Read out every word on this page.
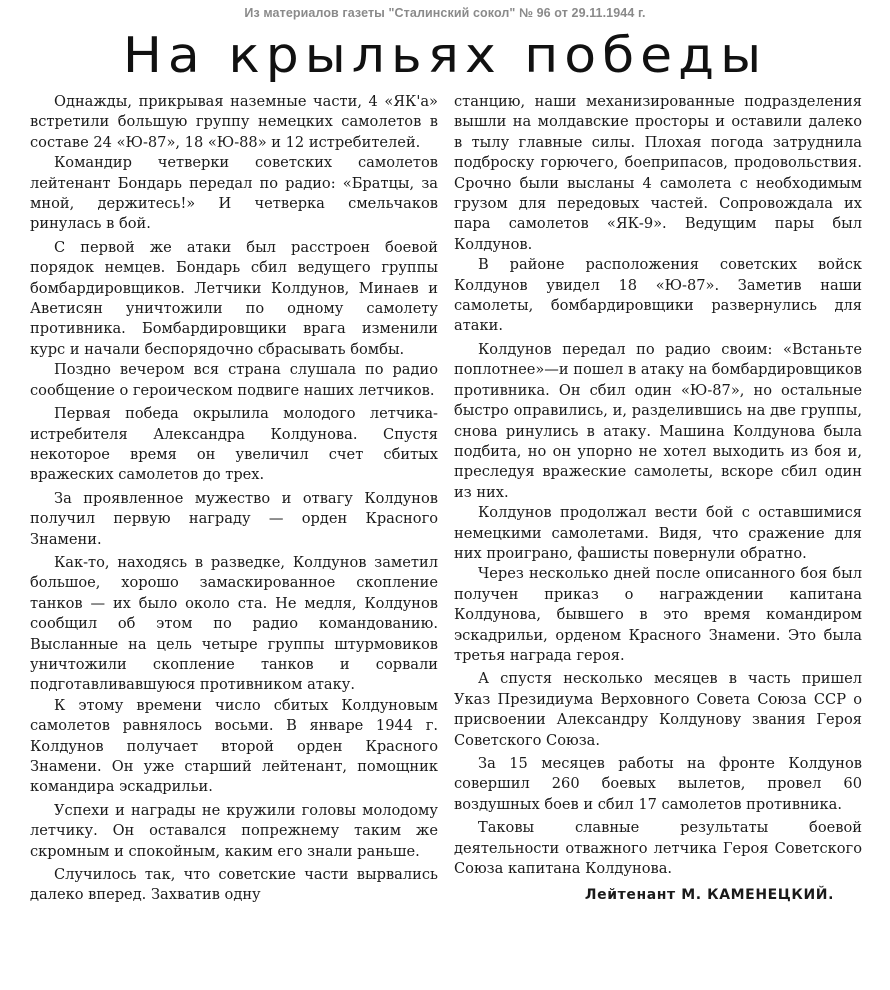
Из материалов газеты "Сталинский сокол" № 96 от 29.11.1944 г.
На крыльях победы

Однажды, прикрывая наземные части, 4 «ЯК'а» встретили большую группу немецких самолетов в составе 24 «Ю-87», 18 «Ю-88» и 12 истребителей.

Командир четверки советских самолетов лейтенант Бондарь передал по радио: «Братцы, за мной, держитесь!» И четверка смельчаков ринулась в бой.

С первой же атаки был расстроен боевой порядок немцев. Бондарь сбил ведущего группы бомбардировщиков. Летчики Колдунов, Минаев и Аветисян уничтожили по одному самолету противника. Бомбардировщики врага изменили курс и начали беспорядочно сбрасывать бомбы.

Поздно вечером вся страна слушала по радио сообщение о героическом подвиге наших летчиков.

Первая победа окрылила молодого летчика-истребителя Александра Колдунова. Спустя некоторое время он увеличил счет сбитых вражеских самолетов до трех.

За проявленное мужество и отвагу Колдунов получил первую награду — орден Красного Знамени.

Как-то, находясь в разведке, Колдунов заметил большое, хорошо замаскированное скопление танков — их было около ста. Не медля, Колдунов сообщил об этом по радио командованию. Высланные на цель четыре группы штурмовиков уничтожили скопление танков и сорвали подготавливавшуюся противником атаку.

К этому времени число сбитых Колдуновым самолетов равнялось восьми. В январе 1944 г. Колдунов получает второй орден Красного Знамени. Он уже старший лейтенант, помощник командира эскадрильи.

Успехи и награды не кружили головы молодому летчику. Он оставался попрежнему таким же скромным и спокойным, каким его знали раньше.

Случилось так, что советские части вырвались далеко вперед. Захватив одну

станцию, наши механизированные подразделения вышли на молдавские просторы и оставили далеко в тылу главные силы. Плохая погода затруднила подброску горючего, боеприпасов, продовольствия. Срочно были высланы 4 самолета с необходимым грузом для передовых частей. Сопровождала их пара самолетов «ЯК-9». Ведущим пары был Колдунов.

В районе расположения советских войск Колдунов увидел 18 «Ю-87». Заметив наши самолеты, бомбардировщики развернулись для атаки.

Колдунов передал по радио своим: «Встаньте поплотнее»—и пошел в атаку на бомбардировщиков противника. Он сбил один «Ю-87», но остальные быстро оправились, и, разделившись на две группы, снова ринулись в атаку. Машина Колдунова была подбита, но он упорно не хотел выходить из боя и, преследуя вражеские самолеты, вскоре сбил один из них.

Колдунов продолжал вести бой с оставшимися немецкими самолетами. Видя, что сражение для них проиграно, фашисты повернули обратно.

Через несколько дней после описанного боя был получен приказ о награждении капитана Колдунова, бывшего в это время командиром эскадрильи, орденом Красного Знамени. Это была третья награда героя.

А спустя несколько месяцев в часть пришел Указ Президиума Верховного Совета Союза ССР о присвоении Александру Колдунову звания Героя Советского Союза.

За 15 месяцев работы на фронте Колдунов совершил 260 боевых вылетов, провел 60 воздушных боев и сбил 17 самолетов противника.

Таковы славные результаты боевой деятельности отважного летчика Героя Советского Союза капитана Колдунова.

Лейтенант М. КАМЕНЕЦКИЙ.
